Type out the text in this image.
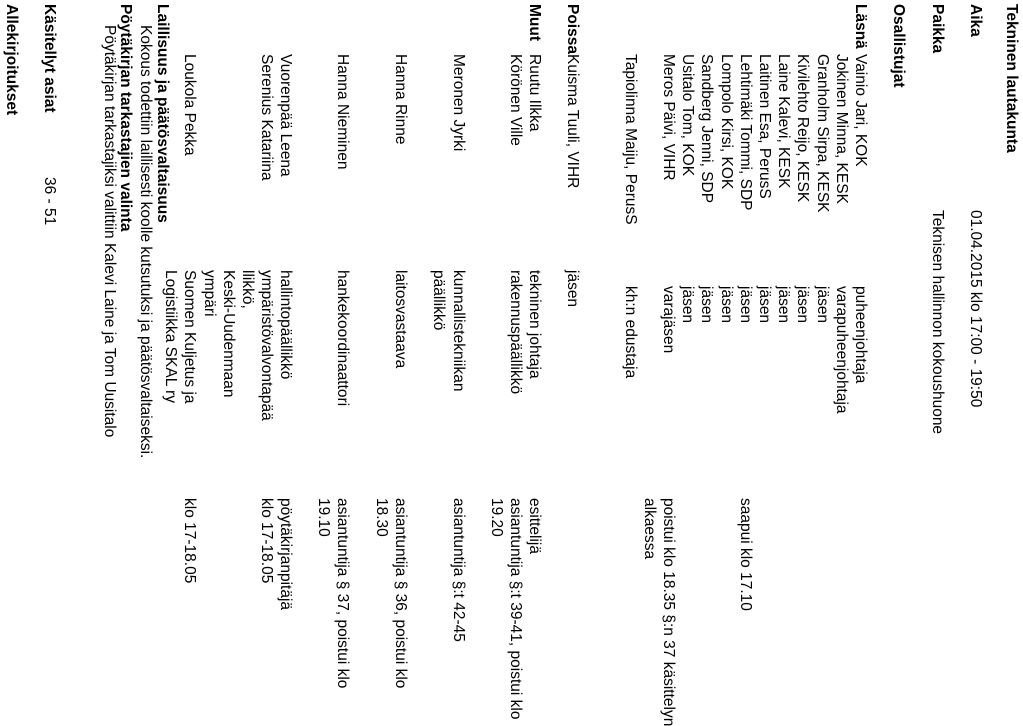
Tekninen lautakunta
Aika
01.04.2015 klo 17:00 - 19:50
Paikka
Teknisen hallinnon kokoushuone
Osallistujat
Läsnä
Vainio Jari, KOK
puheenjohtaja
Jokinen Minna, KESK
varapuheenjohtaja
Granholm Sirpa, KESK
jäsen
Kivilehto Reijo, KESK
jäsen
Laine Kalevi, KESK
jäsen
Laitinen Esa, PerusS
jäsen
Lehtimäki Tommi, SDP
jäsen
saapui klo 17.10
Lompolo Kirsi, KOK
jäsen
Sandberg Jenni, SDP
jäsen
Usitalo Tom, KOK
jäsen
Meros Päivi, VIHR
varajäsen
poistui klo 18.35 §:n 37 käsittelyn
alkaessa
Tapiolinna Maiju, PerusS
kh:n edustaja
Poissa
Kuisma Tuuli, VIHR
jäsen
Muut
Ruutu Ilkka
tekninen johtaja
esittelijä
Körönen Ville
rakennuspäällikkö
asiantuntija §:t 39-41, poistui klo
19.20
Meronen Jyrki
kunnallistekniikan
asiantuntija §:t 42-45
päällikkö
Hanna Rinne
laitosvastaava
asiantuntija § 36, poistui klo
18.30
Hanna Nieminen
hankekoordinaattori
asiantuntija § 37, poistui klo
19.10
Vuorenpää Leena
hallintopäällikkö
pöytäkirjanpitäjä
Serenius Katariina
ympäristövalvontapää
klo 17-18.05
llikkö,
Keski-Uudenmaan
ympäri
Loukola Pekka
Suomen Kuljetus ja
klo 17-18.05
Logistiikka SKAL ry
Laillisuus ja päätösvaltaisuus
Kokous todettiin laillisesti koolle kutsutuksi ja päätösvaltaiseksi.
Pöytäkirjan tarkastajien valinta
Pöytäkirjan tarkastajiksi valittiin Kalevi Laine ja Tom Uusitalo
Käsitellyt asiat
36 - 51
Allekirjoitukset
